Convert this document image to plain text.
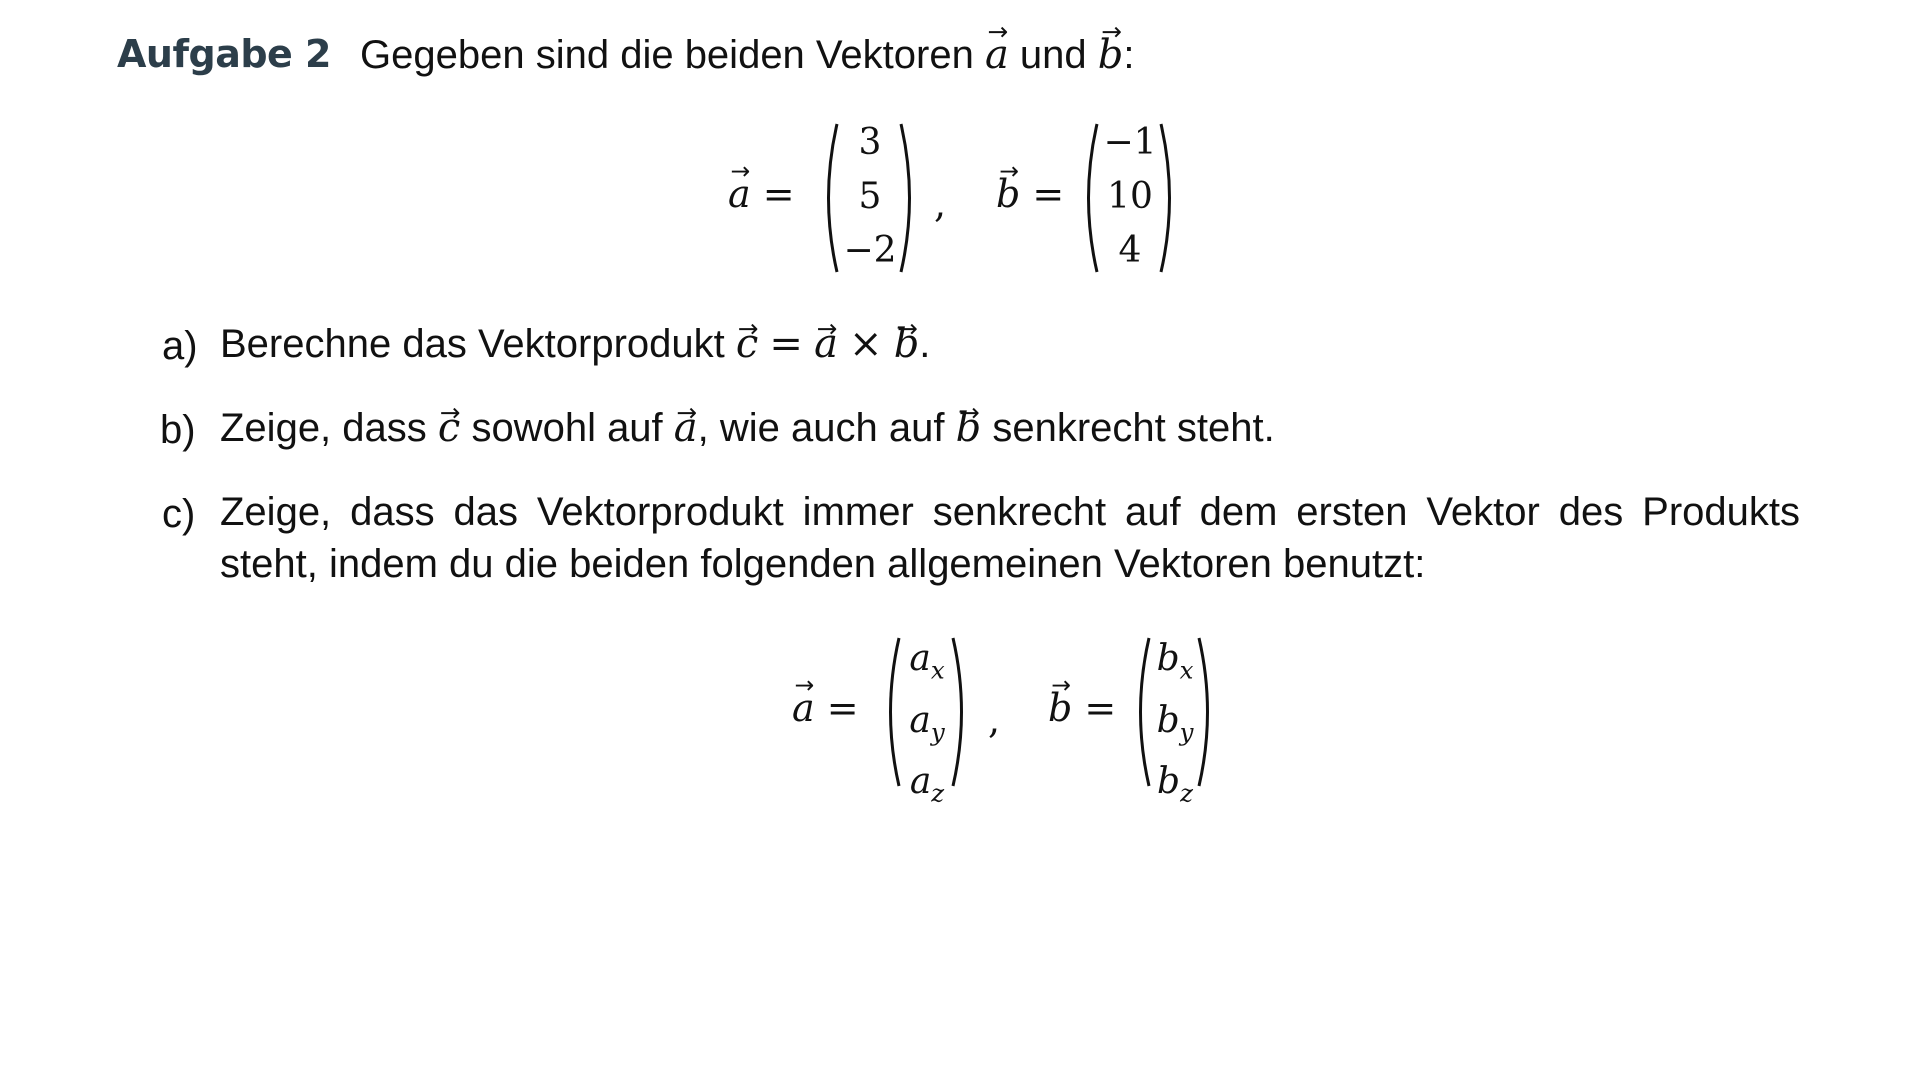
Aufgabe 2 Gegeben sind die beiden Vektoren → a und → b:
→ a =
3
5
−2
, → b =
−1
10
4
a) Berechne das Vektorprodukt → c = → a × → b.
b) Zeige, dass → c sowohl auf → a, wie auch auf → b senkrecht steht.
c) Zeige, dass das Vektorprodukt immer senkrecht auf dem ersten Vektor des Produkts steht, indem du die beiden folgenden allgemeinen Vektoren benutzt:
→ a =
$a_x$
$a_y$
$a_z$
, → b =
$b_x$
$b_y$
$b_z$
